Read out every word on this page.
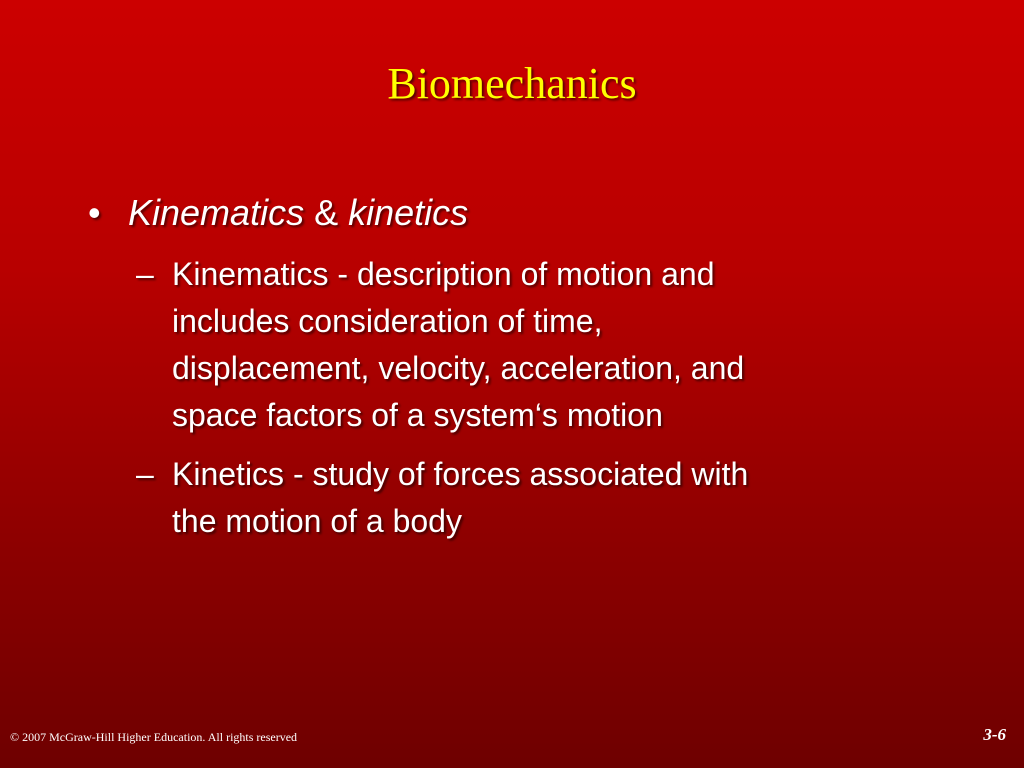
Biomechanics
• Kinematics & kinetics
– Kinematics - description of motion and
includes consideration of time,
displacement, velocity, acceleration, and
space factors of a system‘s motion
– Kinetics - study of forces associated with
the motion of a body
© 2007 McGraw-Hill Higher Education. All rights reserved	3-6
